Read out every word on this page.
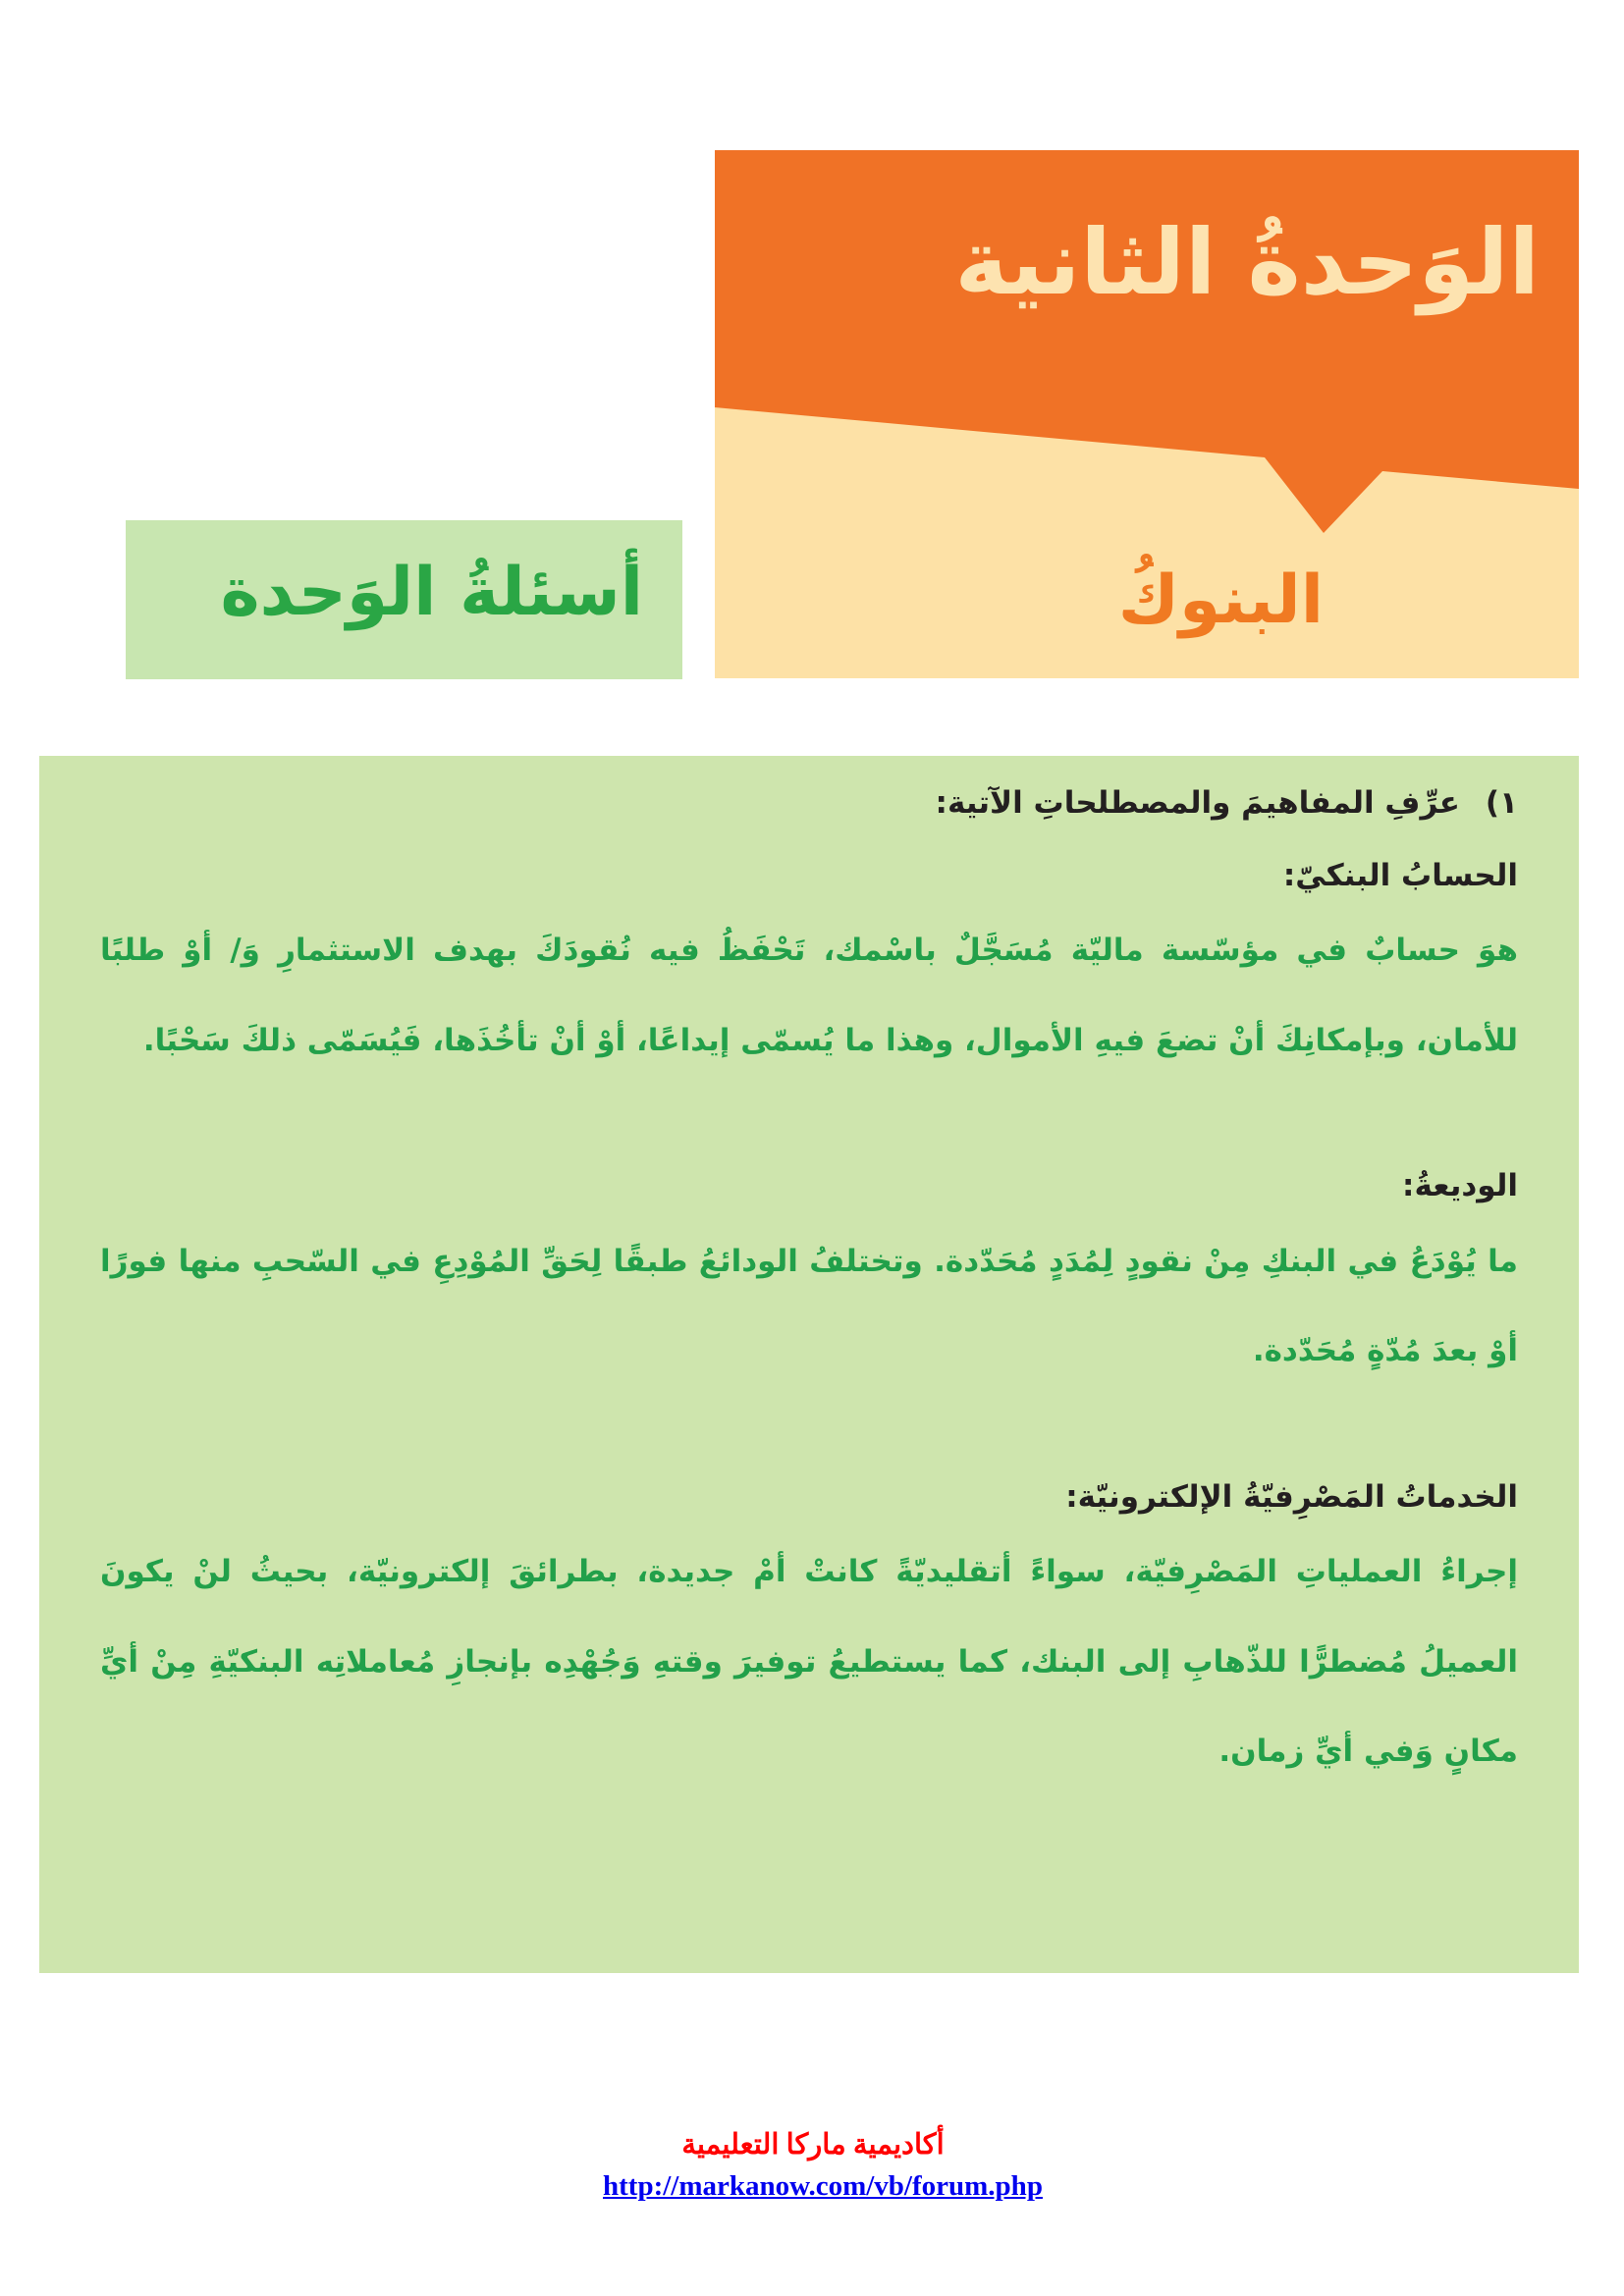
الوَحدةُ الثانية
البنوكُ
أسئلةُ الوَحدة

١)عرِّفِ المفاهيمَ والمصطلحاتِ الآتية:

الحسابُ البنكيّ:

هوَ حسابٌ في مؤسّسة ماليّة مُسَجَّلٌ باسْمك، تَحْفَظُ فيه نُقودَكَ بهدف الاستثمارِ وَ/ أوْ طلبًا للأمان، وبإمكانِكَ أنْ تضعَ فيهِ الأموال، وهذا ما يُسمّى إيداعًا، أوْ أنْ تأخُذَها، فَيُسَمّى ذلكَ سَحْبًا.

الوديعةُ:

ما يُوْدَعُ في البنكِ مِنْ نقودٍ لِمُدَدٍ مُحَدّدة. وتختلفُ الودائعُ طبقًا لِحَقِّ المُوْدِعِ في السّحبِ منها فورًا أوْ بعدَ مُدّةٍ مُحَدّدة.

الخدماتُ المَصْرِفيّةُ الإلكترونيّة:

إجراءُ العملياتِ المَصْرِفيّة، سواءً أتقليديّةً كانتْ أمْ جديدة، بطرائقَ إلكترونيّة، بحيثُ لنْ يكونَ العميلُ مُضطرًّا للذّهابِ إلى البنك، كما يستطيعُ توفيرَ وقتهِ وَجُهْدِه بإنجازِ مُعاملاتِه البنكيّةِ مِنْ أيِّ مكانٍ وَفي أيِّ زمان.

أكاديمية ماركا التعليمية

http://markanow.com/vb/forum.php
